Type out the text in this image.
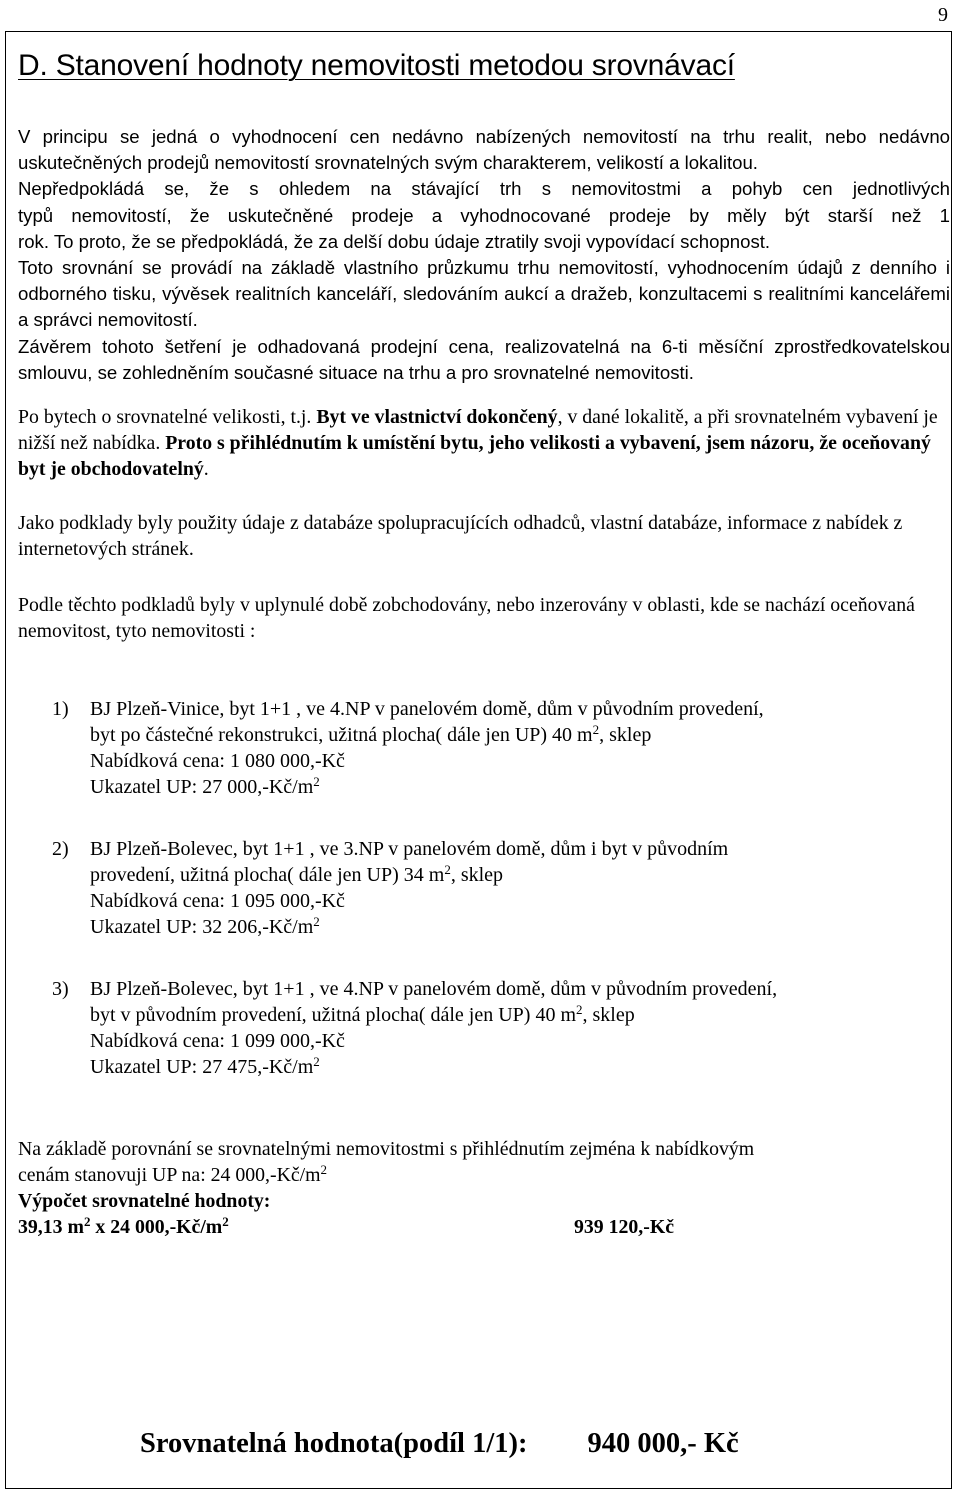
9
D. Stanovení hodnoty nemovitosti metodou srovnávací

V principu se jedná o vyhodnocení cen nedávno nabízených nemovitostí na trhu realit, nebo nedávno uskutečněných prodejů nemovitostí srovnatelných svým charakterem, velikostí a lokalitou.

Nepředpokládá se, že s ohledem na stávající trh s nemovitostmi a pohyb cen jednotlivých

typů nemovitostí, že uskutečněné prodeje a vyhodnocované prodeje by měly být starší než 1

rok. To proto, že se předpokládá, že za delší dobu údaje ztratily svoji vypovídací schopnost.

Toto srovnání se provádí na základě vlastního průzkumu trhu nemovitostí, vyhodnocením údajů z denního i odborného tisku, vývěsek realitních kanceláří, sledováním aukcí a dražeb, konzultacemi s realitními kancelářemi a správci nemovitostí.

Závěrem tohoto šetření je odhadovaná prodejní cena, realizovatelná na 6-ti měsíční zprostředkovatelskou smlouvu, se zohledněním současné situace na trhu a pro srovnatelné nemovitosti.

Po bytech o srovnatelné velikosti, t.j. Byt ve vlastnictví dokončený, v dané lokalitě, a při srovnatelném vybavení je nižší než nabídka. Proto s přihlédnutím k umístění bytu, jeho velikosti a vybavení, jsem názoru, že oceňovaný byt je obchodovatelný.

Jako podklady byly použity údaje z databáze spolupracujících odhadců, vlastní databáze, informace z nabídek z internetových stránek.

Podle těchto podkladů byly v uplynulé době zobchodovány, nebo inzerovány v oblasti, kde se nachází oceňovaná nemovitost, tyto nemovitosti :

1) BJ Plzeň-Vinice, byt 1+1 , ve 4.NP v panelovém domě, dům v původním provedení,
byt po částečné rekonstrukci, užitná plocha( dále jen UP) 40 $m^2$, sklep
Nabídková cena: 1 080 000,-Kč
Ukazatel UP: 27 $000,-Kč/m^2$
2) BJ Plzeň-Bolevec, byt 1+1 , ve 3.NP v panelovém domě, dům i byt v původním
provedení, užitná plocha( dále jen UP) 34 $m^2$, sklep
Nabídková cena: 1 095 000,-Kč
Ukazatel UP: 32 $206,-Kč/m^2$
3) BJ Plzeň-Bolevec, byt 1+1 , ve 4.NP v panelovém domě, dům v původním provedení,
byt v původním provedení, užitná plocha( dále jen UP) 40 $m^2$, sklep
Nabídková cena: 1 099 000,-Kč
Ukazatel UP: 27 $475,-Kč/m^2$
Na základě porovnání se srovnatelnými nemovitostmi s přihlédnutím zejména k nabídkovým
cenám stanovuji UP na: 24 $000,-Kč/m^2$
Výpočet srovnatelné hodnoty:
39,13 $m^2$ x 24 $000,-Kč/m^2$	939 120,-Kč
Srovnatelná hodnota(podíl 1/1): 940 000,- Kč
